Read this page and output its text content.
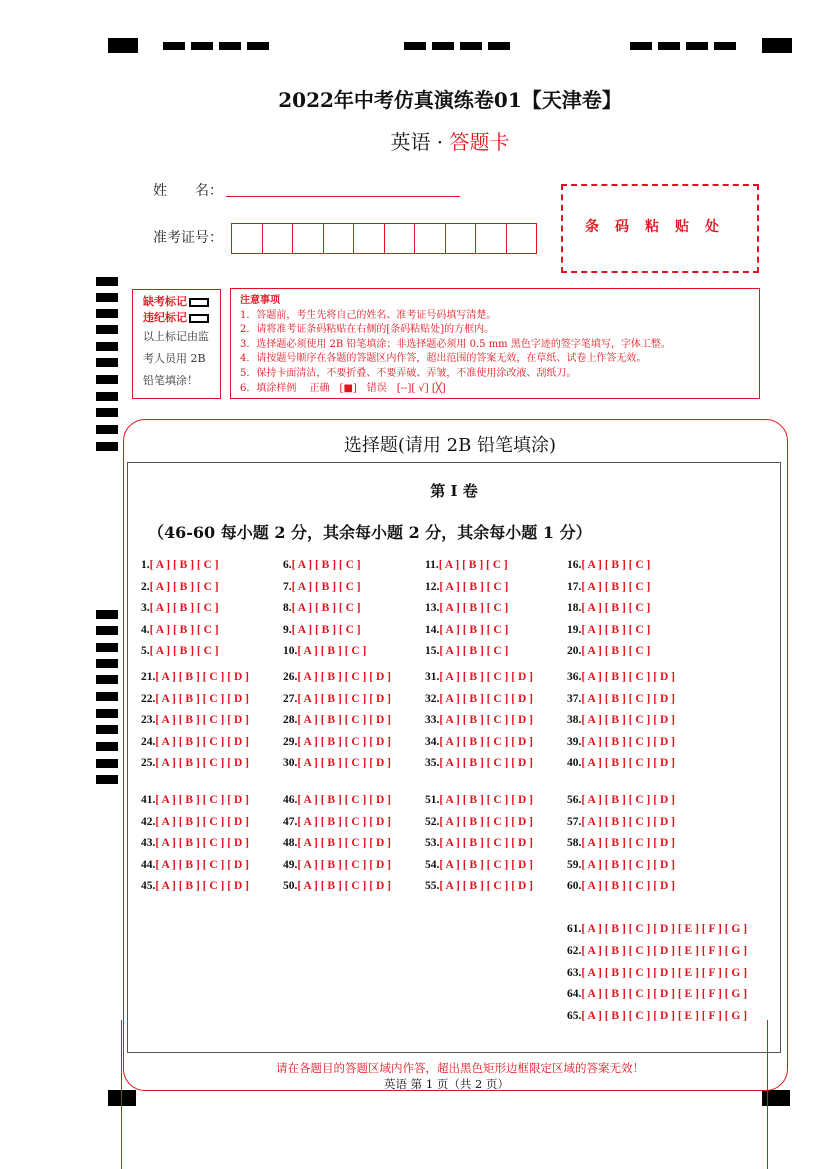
2022年中考仿真演练卷01【天津卷】
英语 · 答题卡
姓　　名：
准考证号：
条码粘贴处
缺考标记
违纪标记
以上标记由监
考人员用 2B
铅笔填涂！
注意事项
1．答题前，考生先将自己的姓名、准考证号码填写清楚。
2．请将准考证条码粘贴在右侧的[条码粘贴处]的方框内。
3．选择题必须使用 2B 铅笔填涂；非选择题必须用 0.5 mm 黑色字迹的签字笔填写，字体工整。
4．请按题号顺序在各题的答题区内作答，超出范围的答案无效，在草纸、试卷上作答无效。
5．保持卡面清洁，不要折叠、不要弄破、弄皱，不准使用涂改液、刮纸刀。
6．填涂样例　 正确　[■]　错误　[--][ √] [╳]
选择题(请用 2B 铅笔填涂)
第 I 卷
（46-60 每小题 2 分，其余每小题 2 分，其余每小题 1 分）
1.[ A ] [ B ] [ C ]
2.[ A ] [ B ] [ C ]
3.[ A ] [ B ] [ C ]
4.[ A ] [ B ] [ C ]
5.[ A ] [ B ] [ C ]
6.[ A ] [ B ] [ C ]
7.[ A ] [ B ] [ C ]
8.[ A ] [ B ] [ C ]
9.[ A ] [ B ] [ C ]
10.[ A ] [ B ] [ C ]
11.[ A ] [ B ] [ C ]
12.[ A ] [ B ] [ C ]
13.[ A ] [ B ] [ C ]
14.[ A ] [ B ] [ C ]
15.[ A ] [ B ] [ C ]
16.[ A ] [ B ] [ C ]
17.[ A ] [ B ] [ C ]
18.[ A ] [ B ] [ C ]
19.[ A ] [ B ] [ C ]
20.[ A ] [ B ] [ C ]
21.[ A ] [ B ] [ C ] [ D ]
22.[ A ] [ B ] [ C ] [ D ]
23.[ A ] [ B ] [ C ] [ D ]
24.[ A ] [ B ] [ C ] [ D ]
25.[ A ] [ B ] [ C ] [ D ]
26.[ A ] [ B ] [ C ] [ D ]
27.[ A ] [ B ] [ C ] [ D ]
28.[ A ] [ B ] [ C ] [ D ]
29.[ A ] [ B ] [ C ] [ D ]
30.[ A ] [ B ] [ C ] [ D ]
31.[ A ] [ B ] [ C ] [ D ]
32.[ A ] [ B ] [ C ] [ D ]
33.[ A ] [ B ] [ C ] [ D ]
34.[ A ] [ B ] [ C ] [ D ]
35.[ A ] [ B ] [ C ] [ D ]
36.[ A ] [ B ] [ C ] [ D ]
37.[ A ] [ B ] [ C ] [ D ]
38.[ A ] [ B ] [ C ] [ D ]
39.[ A ] [ B ] [ C ] [ D ]
40.[ A ] [ B ] [ C ] [ D ]
41.[ A ] [ B ] [ C ] [ D ]
42.[ A ] [ B ] [ C ] [ D ]
43.[ A ] [ B ] [ C ] [ D ]
44.[ A ] [ B ] [ C ] [ D ]
45.[ A ] [ B ] [ C ] [ D ]
46.[ A ] [ B ] [ C ] [ D ]
47.[ A ] [ B ] [ C ] [ D ]
48.[ A ] [ B ] [ C ] [ D ]
49.[ A ] [ B ] [ C ] [ D ]
50.[ A ] [ B ] [ C ] [ D ]
51.[ A ] [ B ] [ C ] [ D ]
52.[ A ] [ B ] [ C ] [ D ]
53.[ A ] [ B ] [ C ] [ D ]
54.[ A ] [ B ] [ C ] [ D ]
55.[ A ] [ B ] [ C ] [ D ]
56.[ A ] [ B ] [ C ] [ D ]
57.[ A ] [ B ] [ C ] [ D ]
58.[ A ] [ B ] [ C ] [ D ]
59.[ A ] [ B ] [ C ] [ D ]
60.[ A ] [ B ] [ C ] [ D ]
61.[ A ] [ B ] [ C ] [ D ] [ E ] [ F ] [ G ]
62.[ A ] [ B ] [ C ] [ D ] [ E ] [ F ] [ G ]
63.[ A ] [ B ] [ C ] [ D ] [ E ] [ F ] [ G ]
64.[ A ] [ B ] [ C ] [ D ] [ E ] [ F ] [ G ]
65.[ A ] [ B ] [ C ] [ D ] [ E ] [ F ] [ G ]
请在各题目的答题区域内作答，超出黑色矩形边框限定区域的答案无效！
英语 第 1 页（共 2 页）
